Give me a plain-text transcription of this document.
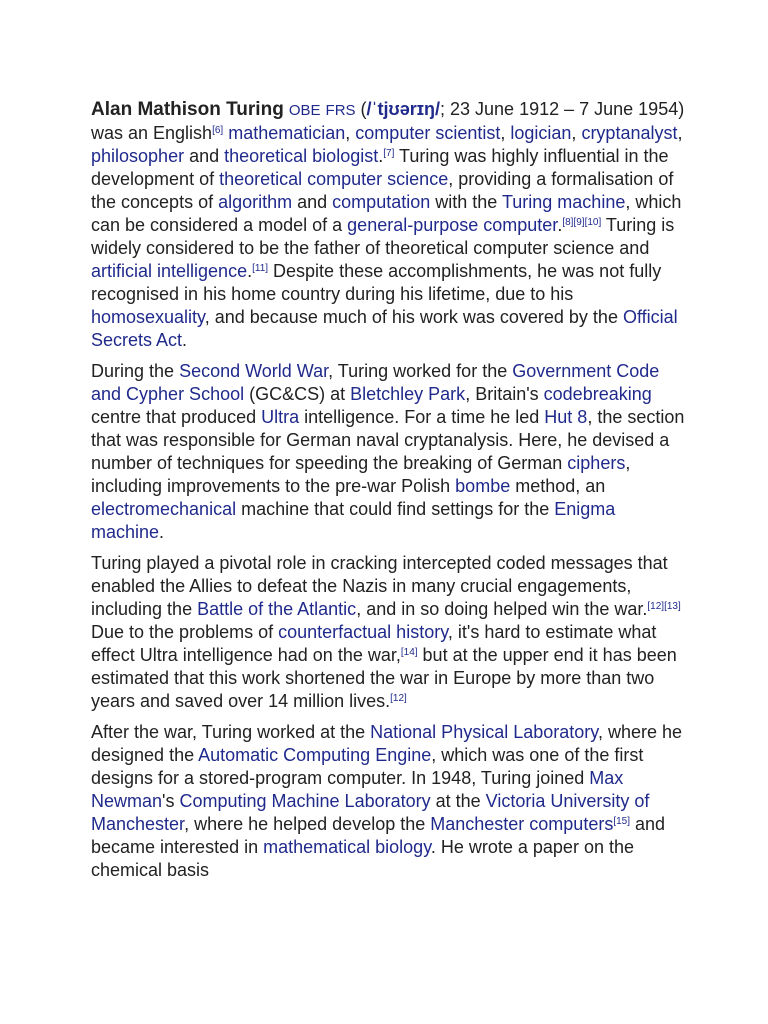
Alan Mathison Turing OBE FRS (/ˈtjʊərɪŋ/; 23 June 1912 – 7 June 1954) was an English[6] mathematician, computer scientist, logician, cryptanalyst, philosopher and theoretical biologist.[7] Turing was highly influential in the development of theoretical computer science, providing a formalisation of the concepts of algorithm and computation with the Turing machine, which can be considered a model of a general-purpose computer.[8][9][10] Turing is widely considered to be the father of theoretical computer science and artificial intelligence.[11] Despite these accomplishments, he was not fully recognised in his home country during his lifetime, due to his homosexuality, and because much of his work was covered by the Official Secrets Act.

During the Second World War, Turing worked for the Government Code and Cypher School (GC&CS) at Bletchley Park, Britain's codebreaking centre that produced Ultra intelligence. For a time he led Hut 8, the section that was responsible for German naval cryptanalysis. Here, he devised a number of techniques for speeding the breaking of German ciphers, including improvements to the pre-war Polish bombe method, an electromechanical machine that could find settings for the Enigma machine.

Turing played a pivotal role in cracking intercepted coded messages that enabled the Allies to defeat the Nazis in many crucial engagements, including the Battle of the Atlantic, and in so doing helped win the war.[12][13] Due to the problems of counterfactual history, it's hard to estimate what effect Ultra intelligence had on the war,[14] but at the upper end it has been estimated that this work shortened the war in Europe by more than two years and saved over 14 million lives.[12]

After the war, Turing worked at the National Physical Laboratory, where he designed the Automatic Computing Engine, which was one of the first designs for a stored-program computer. In 1948, Turing joined Max Newman's Computing Machine Laboratory at the Victoria University of Manchester, where he helped develop the Manchester computers[15] and became interested in mathematical biology. He wrote a paper on the chemical basis
